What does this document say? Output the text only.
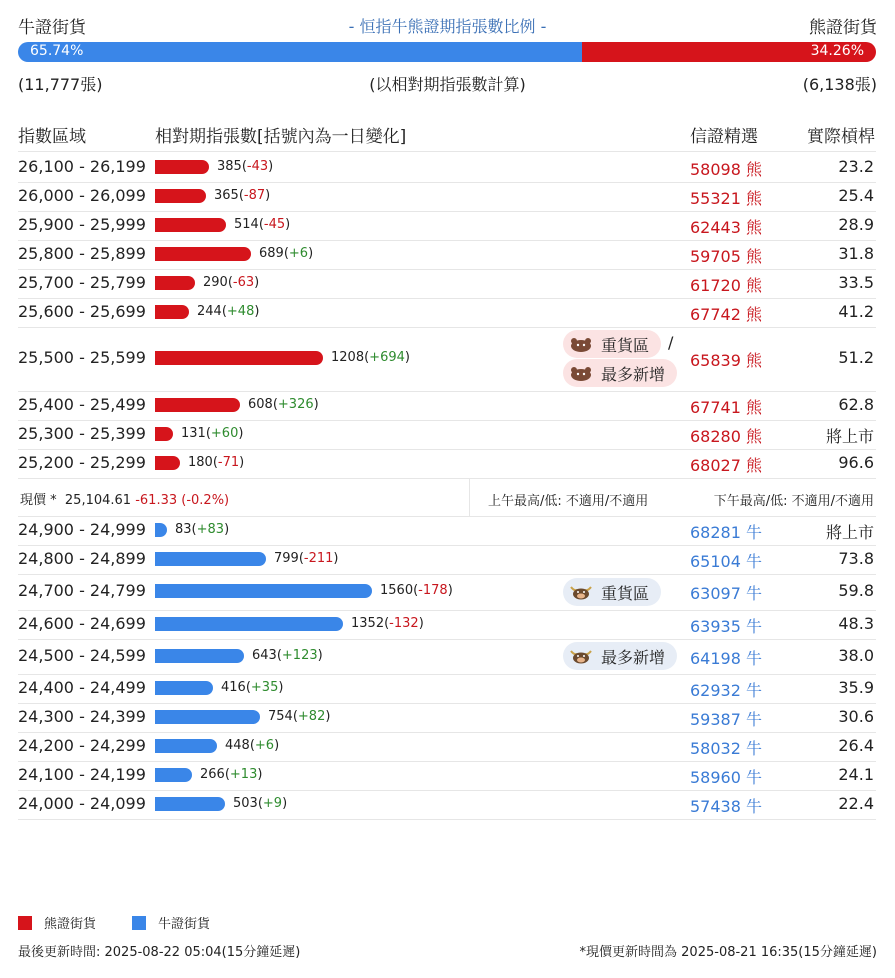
牛證街貨	- 恒指牛熊證期指張數比例 -	熊證街貨
65.74%	34.26%
(11,777張)	(以相對期指張數計算)	(6,138張)
指數區域	相對期指張數[括號內為一日變化]	信證精選	實際槓桿
26,100 - 26,199	385(-43)	58098 熊	23.2
26,000 - 26,099	365(-87)	55321 熊	25.4
25,900 - 25,999	514(-45)	62443 熊	28.9
25,800 - 25,899	689(+6)	59705 熊	31.8
25,700 - 25,799	290(-63)	61720 熊	33.5
25,600 - 25,699	244(+48)	67742 熊	41.2
25,500 - 25,599	1208(+694)	65839 熊	51.2
25,400 - 25,499	608(+326)	67741 熊	62.8
25,300 - 25,399	131(+60)	68280 熊	將上市
25,200 - 25,299	180(-71)	68027 熊	96.6
重貨區 /
最多新增
現價 * 25,104.61 -61.33 (-0.2%)	上午最高/低: 不適用/不適用	下午最高/低: 不適用/不適用
24,900 - 24,999 83(+83)	68281 牛	將上市
24,800 - 24,899	799(-211)	65104 牛	73.8
24,700 - 24,799	1560(-178)	63097 牛	59.8
24,600 - 24,699	1352(-132)	63935 牛	48.3
24,500 - 24,599	643(+123)	64198 牛	38.0
24,400 - 24,499	416(+35)	62932 牛	35.9
24,300 - 24,399	754(+82)	59387 牛	30.6
24,200 - 24,299	448(+6)	58032 牛	26.4
24,100 - 24,199	266(+13)	58960 牛	24.1
24,000 - 24,099	503(+9)	57438 牛	22.4
重貨區
最多新增
熊證街貨	牛證街貨
最後更新時間: 2025-08-22 05:04(15分鐘延遲)	*現價更新時間為 2025-08-21 16:35(15分鐘延遲)
